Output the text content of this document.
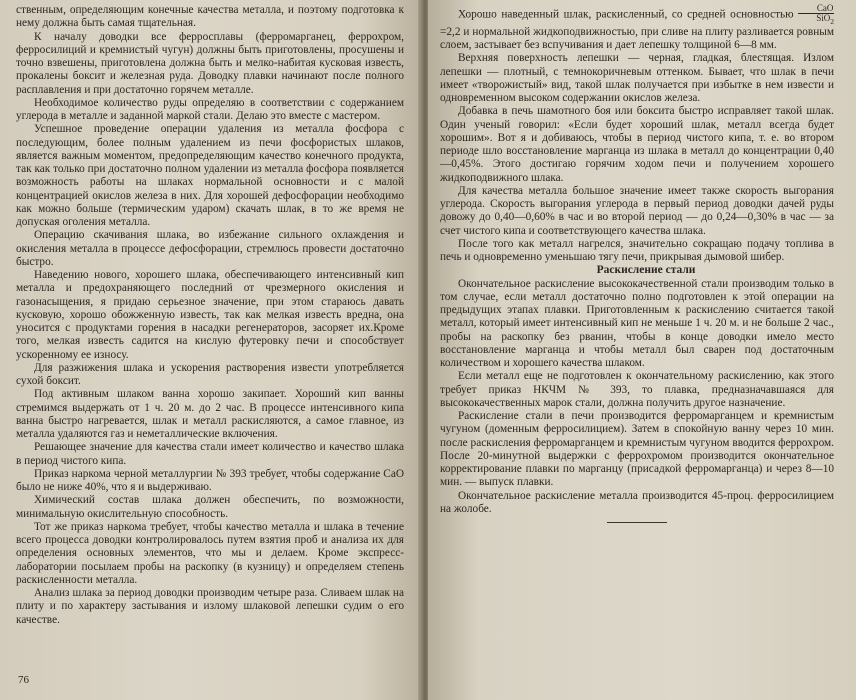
ственным, определяющим конечные качества металла, и поэтому подготовка к нему должна быть самая тщательная.

К началу доводки все ферросплавы (ферромарганец, феррохром, ферросилиций и кремнистый чугун) должны быть приготовлены, просушены и точно взвешены, приготовлена должна быть и мелко-набитая кусковая известь, прокалены боксит и железная руда. Доводку плавки начинают после полного расплавления и при достаточно горячем металле.

Необходимое количество руды определяю в соответствии с содержанием углерода в металле и заданной маркой стали. Делаю это вместе с мастером.

Успешное проведение операции удаления из металла фосфора с последующим, более полным удалением из печи фосфористых шлаков, является важным моментом, предопределяющим качество конечного продукта, так как только при достаточно полном удалении из металла фосфора появляется возможность работы на шлаках нормальной основности и с малой концентрацией окислов железа в них. Для хорошей дефосфорации необходимо как можно больше (термическим ударом) скачать шлак, в то же время не допуская оголения металла.

Операцию скачивания шлака, во избежание сильного охлаждения и окисления металла в процессе дефосфорации, стремлюсь провести достаточно быстро.

Наведению нового, хорошего шлака, обеспечивающего интенсивный кип металла и предохраняющего последний от чрезмерного окисления и газонасыщения, я придаю серьезное значение, при этом стараюсь давать кусковую, хорошо обожженную известь, так как мелкая известь вредна, она уносится с продуктами горения в насадки регенераторов, засоряет их.Кроме того, мелкая известь садится на кислую футеровку печи и способствует ускоренному ее износу.

Для разжижения шлака и ускорения растворения извести употребляется сухой боксит.

Под активным шлаком ванна хорошо закипает. Хороший кип ванны стремимся выдержать от 1 ч. 20 м. до 2 час. В процессе интенсивного кипа ванна быстро нагревается, шлак и металл раскисляются, а самое главное, из металла удаляются газ и неметаллические включения.

Решающее значение для качества стали имеет количество и качество шлака в период чистого кипа.

Приказ наркома черной металлургии № 393 требует, чтобы содержание CaO было не ниже 40%, что я и выдерживаю.

Химический состав шлака должен обеспечить, по возможности, минимальную окислительную способность.

Тот же приказ наркома требует, чтобы качество металла и шлака в течение всего процесса доводки контролировалось путем взятия проб и анализа их для определения основных элементов, что мы и делаем. Кроме экспресс-лаборатории посылаем пробы на раскопку (в кузницу) и определяем степень раскисленности металла.

Анализ шлака за период доводки производим четыре раза. Сливаем шлак на плиту и по характеру застывания и излому шлаковой лепешки судим о его качестве.

76

Хорошо наведенный шлак, раскисленный, со средней основностью
CaO
SiO$_2$
=2,2 и нормальной жидкоподвижностью, при сливе на плиту разливается ровным слоем, застывает без вспучивания и дает лепешку толщиной 6—8 мм.

Верхняя поверхность лепешки — черная, гладкая, блестящая. Излом лепешки — плотный, с темнокоричневым оттенком. Бывает, что шлак в печи имеет «творожистый» вид, такой шлак получается при избытке в нем извести и одновременном высоком содержании окислов железа.

Добавка в печь шамотного боя или боксита быстро исправляет такой шлак. Один ученый говорил: «Если будет хороший шлак, металл всегда будет хорошим». Вот я и добиваюсь, чтобы в период чистого кипа, т. е. во втором периоде шло восстановление марганца из шлака в металл до концентрации 0,40—0,45%. Этого достигаю горячим ходом печи и получением хорошего жидкоподвижного шлака.

Для качества металла большое значение имеет также скорость выгорания углерода. Скорость выгорания углерода в первый период доводки дачей руды довожу до 0,40—0,60% в час и во второй период — до 0,24—0,30% в час — за счет чистого кипа и соответствующего качества шлака.

После того как металл нагрелся, значительно сокращаю подачу топлива в печь и одновременно уменьшаю тягу печи, прикрывая дымовой шибер.

Раскисление стали

Окончательное раскисление высококачественной стали производим только в том случае, если металл достаточно полно подготовлен к этой операции на предыдущих этапах плавки. Приготовленным к раскислению считается такой металл, который имеет интенсивный кип не меньше 1 ч. 20 м. и не больше 2 час., пробы на раскопку без рванин, чтобы в конце доводки имело место восстановление марганца и чтобы металл был сварен под достаточным количеством и хорошего качества шлаком.

Если металл еще не подготовлен к окончательному раскислению, как этого требует приказ НКЧМ № 393, то плавка, предназначавшаяся для высококачественных марок стали, должна получить другое назначение.

Раскисление стали в печи производится ферромарганцем и кремнистым чугуном (доменным ферросилицием). Затем в спокойную ванну через 10 мин. после раскисления ферромарганцем и кремнистым чугуном вводится феррохром. После 20-минутной выдержки с феррохромом производится окончательное корректирование плавки по марганцу (присадкой ферромарганца) и через 8—10 мин. — выпуск плавки.

Окончательное раскисление металла производится 45-проц. ферросилицием на жолобе.
